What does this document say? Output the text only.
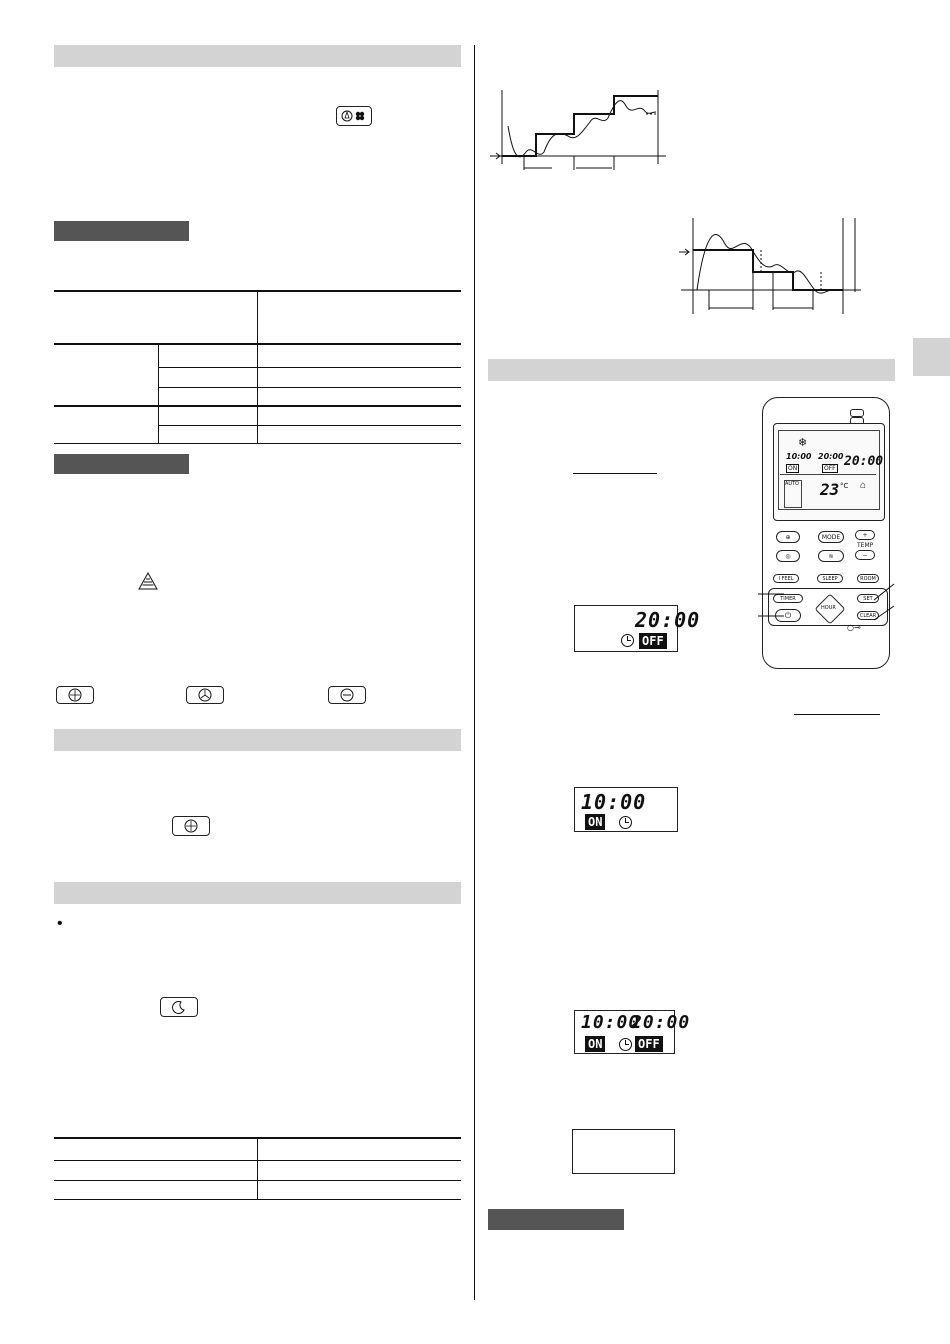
•
20:00
OFF
10:00
ON
10:00
20:00
ON	OFF
❄
10:00
ON
20:00
OFF 20:00
AUTO 23 °C ⌂
⊕	MODE	+
TEMP
◎	≋	−
I FEEL	SLEEP	ROOM
TIMER	SET
⏻
HOUR
CLEAR
○⊸
